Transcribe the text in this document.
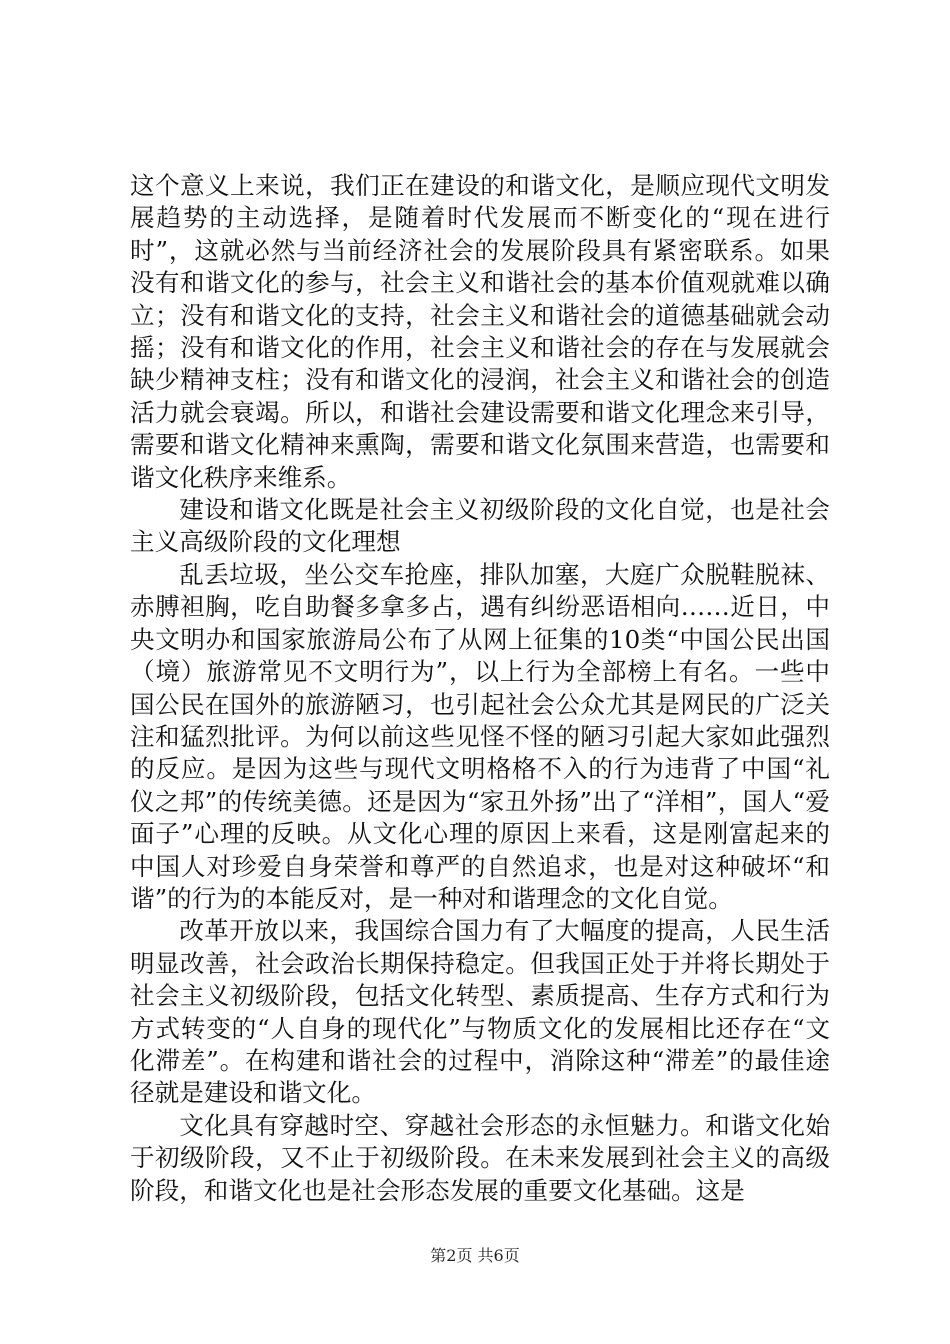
这个意义上来说，我们正在建设的和谐文化，是顺应现代文明发展趋势的主动选择，是随着时代发展而不断变化的“现在进行时”，这就必然与当前经济社会的发展阶段具有紧密联系。如果没有和谐文化的参与，社会主义和谐社会的基本价值观就难以确立；没有和谐文化的支持，社会主义和谐社会的道德基础就会动摇；没有和谐文化的作用，社会主义和谐社会的存在与发展就会缺少精神支柱；没有和谐文化的浸润，社会主义和谐社会的创造活力就会衰竭。所以，和谐社会建设需要和谐文化理念来引导，需要和谐文化精神来熏陶，需要和谐文化氛围来营造，也需要和谐文化秩序来维系。

建设和谐文化既是社会主义初级阶段的文化自觉，也是社会主义高级阶段的文化理想

乱丢垃圾，坐公交车抢座，排队加塞，大庭广众脱鞋脱袜、赤膊袒胸，吃自助餐多拿多占，遇有纠纷恶语相向……近日，中央文明办和国家旅游局公布了从网上征集的10类“中国公民出国（境）旅游常见不文明行为”，以上行为全部榜上有名。一些中国公民在国外的旅游陋习，也引起社会公众尤其是网民的广泛关注和猛烈批评。为何以前这些见怪不怪的陋习引起大家如此强烈的反应。是因为这些与现代文明格格不入的行为违背了中国“礼仪之邦”的传统美德。还是因为“家丑外扬”出了“洋相”，国人“爱面子”心理的反映。从文化心理的原因上来看，这是刚富起来的中国人对珍爱自身荣誉和尊严的自然追求，也是对这种破坏“和谐”的行为的本能反对，是一种对和谐理念的文化自觉。

改革开放以来，我国综合国力有了大幅度的提高，人民生活明显改善，社会政治长期保持稳定。但我国正处于并将长期处于社会主义初级阶段，包括文化转型、素质提高、生存方式和行为方式转变的“人自身的现代化”与物质文化的发展相比还存在“文化滞差”。在构建和谐社会的过程中，消除这种“滞差”的最佳途径就是建设和谐文化。

文化具有穿越时空、穿越社会形态的永恒魅力。和谐文化始于初级阶段，又不止于初级阶段。在未来发展到社会主义的高级阶段，和谐文化也是社会形态发展的重要文化基础。这是

第2页 共6页
